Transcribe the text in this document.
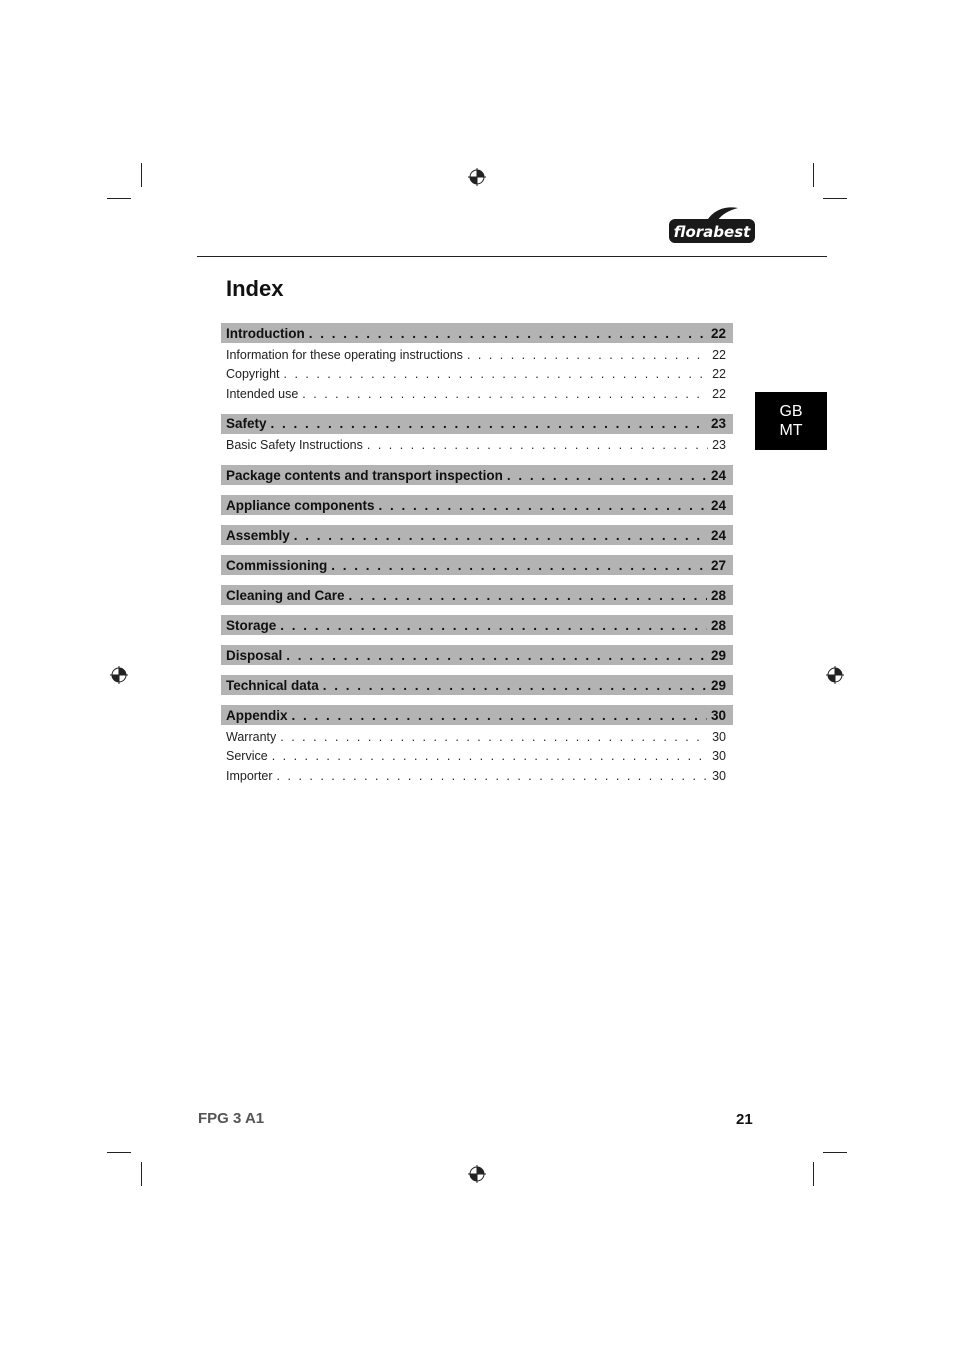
florabest
GB
MT
Index
Introduction . . .	22
Information for these operating instructions . . .	22
Copyright . . .	22
Intended use . . .	22
Safety . . .	23
Basic Safety Instructions . . .	23
Package contents and transport inspection . . .	24
Appliance components . . .	24
Assembly . . .	24
Commissioning . . .	27
Cleaning and Care . . .	28
Storage . . .	28
Disposal . . .	29
Technical data . . .	29
Appendix . . .	30
Warranty . . .	30
Service . . .	30
Importer . . .	30
FPG 3 A1	21
